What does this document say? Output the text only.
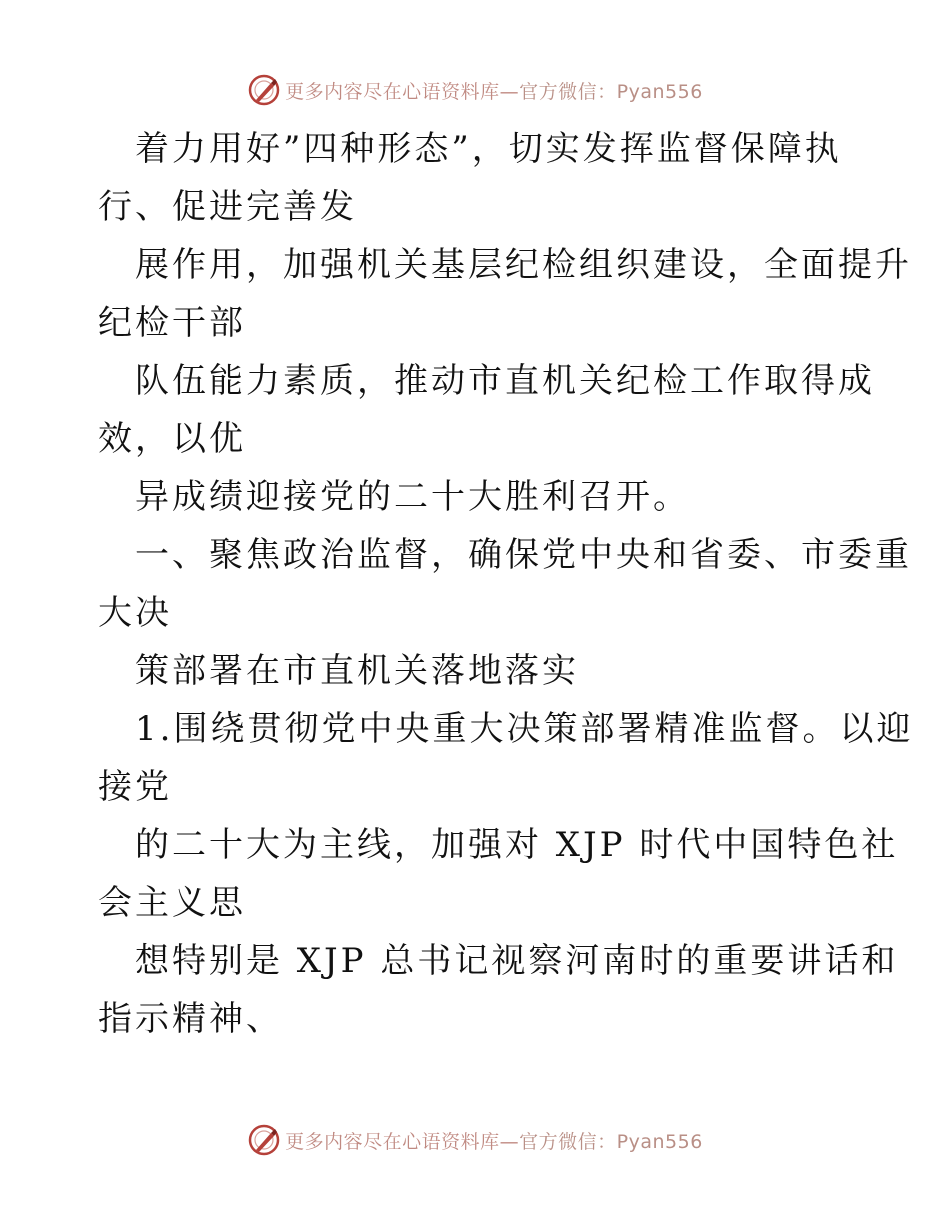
更多内容尽在心语资料库—官方微信：Pyan556
着力用好”四种形态”，切实发挥监督保障执
行、促进完善发
展作用，加强机关基层纪检组织建设，全面提升
纪检干部
队伍能力素质，推动市直机关纪检工作取得成
效，以优
异成绩迎接党的二十大胜利召开。
一、聚焦政治监督，确保党中央和省委、市委重
大决
策部署在市直机关落地落实
1.围绕贯彻党中央重大决策部署精准监督。以迎
接党
的二十大为主线，加强对 XJP 时代中国特色社
会主义思
想特别是 XJP 总书记视察河南时的重要讲话和
指示精神、
更多内容尽在心语资料库—官方微信：Pyan556
